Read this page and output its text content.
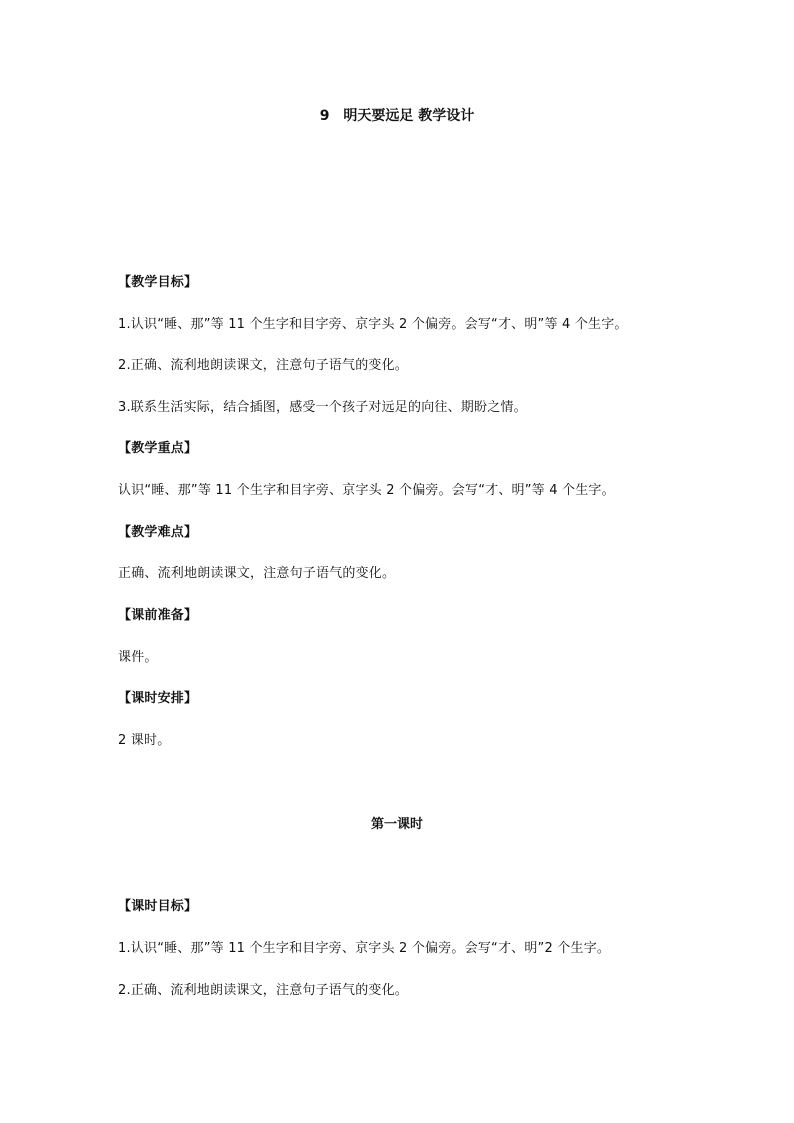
9　明天要远足 教学设计
【教学目标】
1.认识“睡、那”等 11 个生字和目字旁、京字头 2 个偏旁。会写“才、明”等 4 个生字。
2.正确、流利地朗读课文，注意句子语气的变化。
3.联系生活实际，结合插图，感受一个孩子对远足的向往、期盼之情。
【教学重点】
认识“睡、那”等 11 个生字和目字旁、京字头 2 个偏旁。会写“才、明”等 4 个生字。
【教学难点】
正确、流利地朗读课文，注意句子语气的变化。
【课前准备】
课件。
【课时安排】
2 课时。
第一课时
【课时目标】
1.认识“睡、那”等 11 个生字和目字旁、京字头 2 个偏旁。会写“才、明”2 个生字。
2.正确、流利地朗读课文，注意句子语气的变化。
